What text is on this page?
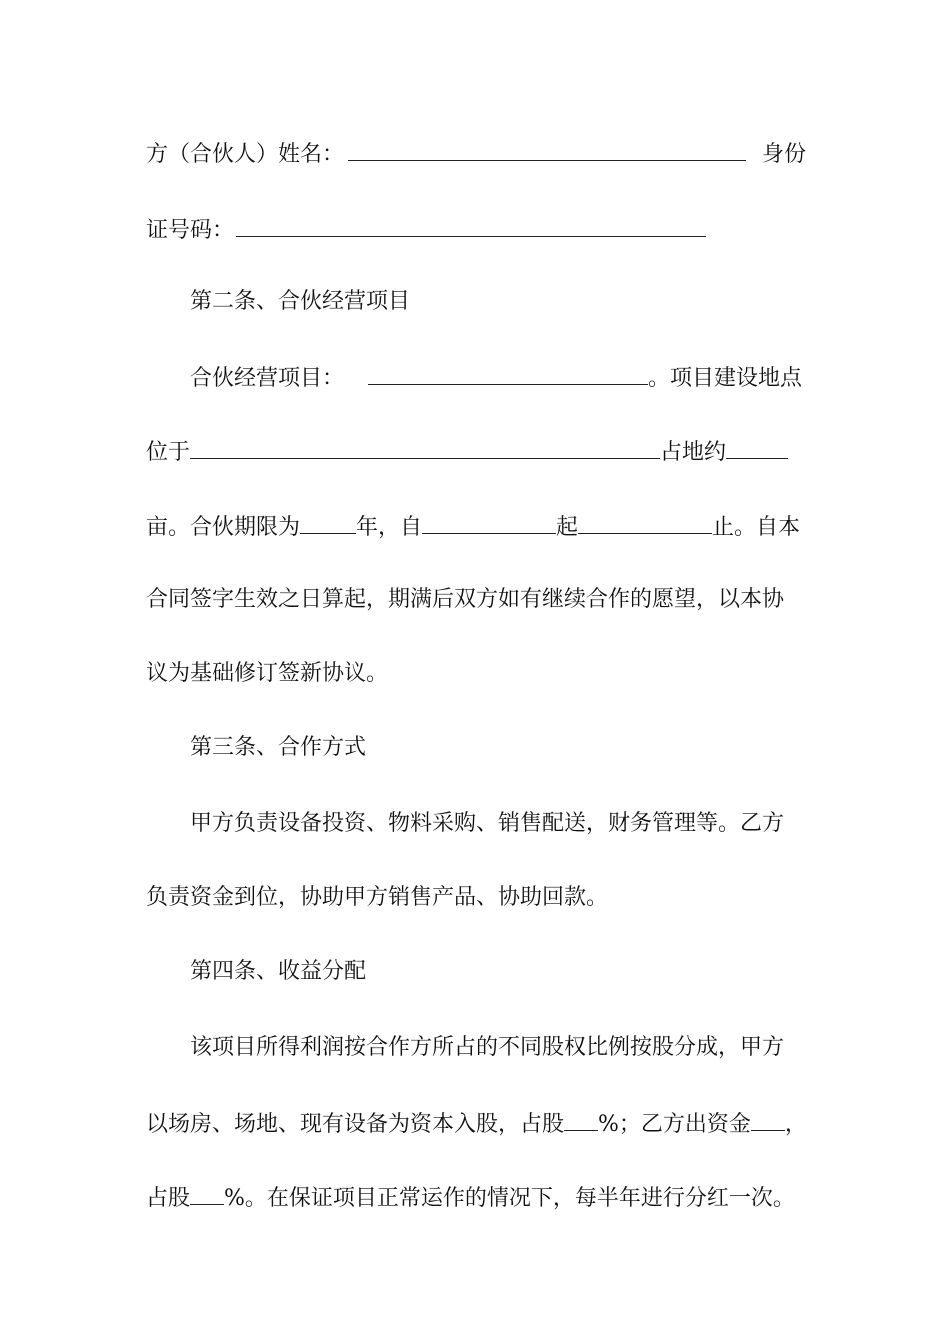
方（合伙人）姓名：	身份
证号码：
第二条、合伙经营项目
合伙经营项目：	。项目建设地点
位于	占地约
亩。合伙期限为	年，自	起	止。自本
合同签字生效之日算起，期满后双方如有继续合作的愿望，以本协
议为基础修订签新协议。
第三条、合作方式
甲方负责设备投资、物料采购、销售配送，财务管理等。乙方
负责资金到位，协助甲方销售产品、协助回款。
第四条、收益分配
该项目所得利润按合作方所占的不同股权比例按股分成，甲方
以场房、场地、现有设备为资本入股，占股 %；乙方出资金 ，
占股 %。在保证项目正常运作的情况下，每半年进行分红一次。
